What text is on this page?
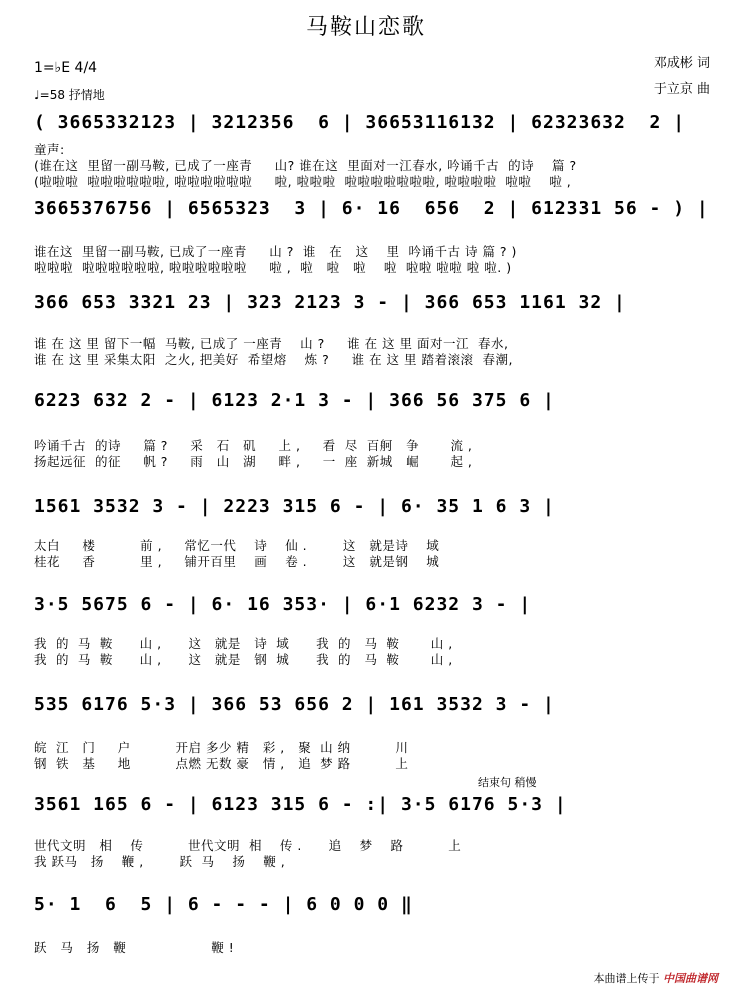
马鞍山恋歌
邓成彬 词
于立京 曲
1=♭E 4/4
♩=58 抒情地
( 3665332123 | 3212356  6 | 36653116132 | 62323632  2 |
童声:
(谁在这  里留一副马鞍, 已成了一座青     山? 谁在这  里面对一江春水, 吟诵千古  的诗    篇 ?
(啦啦啦  啦啦啦啦啦啦, 啦啦啦啦啦啦     啦, 啦啦啦  啦啦啦啦啦啦啦, 啦啦啦啦  啦啦    啦 ,
3665376756 | 6565323  3 | 6· 16  656  2 | 612331 56 - ) |
谁在这  里留一副马鞍, 已成了一座青     山 ?  谁   在   这    里  吟诵千古 诗 篇 ? )
啦啦啦  啦啦啦啦啦啦, 啦啦啦啦啦啦     啦 ,  啦   啦   啦    啦  啦啦 啦啦 啦 啦. )
366 653 3321 23 | 323 2123 3 - | 366 653 1161 32 |
谁 在 这 里 留下一幅  马鞍, 已成了 一座青    山 ?     谁 在 这 里 面对一江  春水,
谁 在 这 里 采集太阳  之火, 把美好  希望熔    炼 ?     谁 在 这 里 踏着滚滚  春潮,
6223 632 2 - | 6123 2·1 3 - | 366 56 375 6 |
吟诵千古  的诗     篇 ?     采   石   矶     上 ,     看  尽  百舸   争       流 ,
扬起远征  的征     帆 ?     雨   山   湖     畔 ,     一  座  新城   崛       起 ,
1561 3532 3 - | 2223 315 6 - | 6· 35 1 6 3 |
太白     楼          前 ,     常忆一代    诗    仙 .        这   就是诗    域
桂花     香          里 ,     铺开百里    画    卷 .        这   就是钢    城
3·5 5675 6 - | 6· 16 353· | 6·1 6232 3 - |
我  的  马  鞍      山 ,      这   就是   诗  域      我  的   马  鞍       山 ,
我  的  马  鞍      山 ,      这   就是   钢  城      我  的   马  鞍       山 ,
535 6176 5·3 | 366 53 656 2 | 161 3532 3 - |
皖  江   门     户          开启 多少 精   彩 ,   聚  山 纳          川
钢  铁   基     地          点燃 无数 豪   情 ,   追  梦 路          上
结束句 稍慢
3561 165 6 - | 6123 315 6 - :| 3·5 6176 5·3 |
世代文明   相    传          世代文明  相    传 .      追    梦    路          上
我 跃马   扬    鞭 ,        跃  马    扬    鞭 ,
5· 1  6  5 | 6 - - - | 6 0 0 0 ‖
跃   马   扬   鞭                   鞭 !
本曲谱上传于 中国曲谱网
